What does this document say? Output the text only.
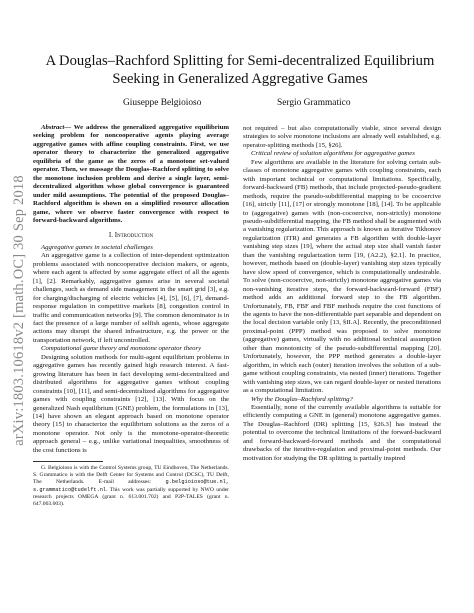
arXiv:1803.10618v2 [math.OC] 30 Sep 2018
A Douglas–Rachford Splitting for Semi-decentralized Equilibrium Seeking in Generalized Aggregative Games
Giuseppe Belgioioso	Sergio Grammatico

Abstract— We address the generalized aggregative equilibrium seeking problem for noncooperative agents playing average aggregative games with affine coupling constraints. First, we use operator theory to characterize the generalized aggregative equilibria of the game as the zeros of a monotone set-valued operator. Then, we massage the Douglas–Rachford splitting to solve the monotone inclusion problem and derive a single layer, semi-decentralized algorithm whose global convergence is guaranteed under mild assumptions. The potential of the proposed Douglas–Rachford algorithm is shown on a simplified resource allocation game, where we observe faster convergence with respect to forward-backward algorithms.

I. Introduction

Aggregative games in societal challenges

An aggregative game is a collection of inter-dependent optimization problems associated with noncooperative decision makers, or agents, where each agent is affected by some aggregate effect of all the agents [1], [2]. Remarkably, aggregative games arise in several societal challenges, such as demand side management in the smart grid [3], e.g. for charging/discharging of electric vehicles [4], [5], [6], [7], demand-response regulation in competitive markets [8], congestion control in traffic and communication networks [9]. The common denominator is in fact the presence of a large number of selfish agents, whose aggregate actions may disrupt the shared infrastructure, e.g. the power or the transportation network, if left uncontrolled.

Computational game theory and monotone operator theory

Designing solution methods for multi-agent equilibrium problems in aggregative games has recently gained high research interest. A fast-growing literature has been in fact developing semi-decentralized and distributed algorithms for aggregative games without coupling constraints [10], [11], and semi-decentralized algorithms for aggregative games with coupling constraints [12], [13]. With focus on the generalized Nash equilibrium (GNE) problem, the formulations in [13], [14] have shown an elegant approach based on monotone operator theory [15] to characterize the equilibrium solutions as the zeros of a monotone operator. Not only is the monotone-operator-theoretic approach general – e.g., unlike variational inequalities, smoothness of the cost functions is

G. Belgioioso is with the Control Systems group, TU Eindhoven, The Netherlands. S. Grammatico is with the Delft Center for Systems and Control (DCSC), TU Delft, The Netherlands. E-mail addresses:	g.belgioioso@tue.nl, s.grammatico@tudelft.nl. This work was partially supported by NWO under research projects OMEGA (grant n. 613.001.702) and P2P-TALES (grant n. 647.003.003).

not required – but also computationally viable, since several design strategies to solve monotone inclusions are already well established, e.g. operator-splitting methods [15, §26].

Critical review of solution algorithms for aggregative games

Few algorithms are available in the literature for solving certain sub-classes of monotone aggregative games with coupling constraints, each with important technical or computational limitations. Specifically, forward-backward (FB) methods, that include projected-pseudo-gradient methods, require the pseudo-subdifferential mapping to be cocoercive [16], strictly [11], [17] or strongly monotone [18], [14]. To be applicable to (aggregative) games with (non-cocoercive, non-strictly) monotone pseudo-subdifferential mapping, the FB method shall be augmented with a vanishing regularization. This approach is known as iterative Tikhonov regularization (ITR) and generates a FB algorithm with double-layer vanishing step sizes [19], where the actual step size shall vanish faster than the vanishing regularization term [19, (A2.2), §2.1]. In practice, however, methods based on (double-layer) vanishing step sizes typically have slow speed of convergence, which is computationally undesirable. To solve (non-cocoercive, non-strictly) monotone aggregative games via non-vanishing iterative steps, the forward-backward-forward (FBF) method adds an additional forward step to the FB algorithm. Unfortunately, FB, FBF and FBF methods require the cost functions of the agents to have the non-differentiable part separable and dependent on the local decision variable only [13, §II.A]. Recently, the preconditioned proximal-point (PPP) method was proposed to solve monotone (aggregative) games, virtually with no additional technical assumption other than monotonicity of the pseudo-subdifferential mapping [20]. Unfortunately, however, the PPP method generates a double-layer algorithm, in which each (outer) iteration involves the solution of a sub-game without coupling constraints, via nested (inner) iterations. Together with vanishing step sizes, we can regard double-layer or nested iterations as a computational limitation.

Why the Douglas–Rachford splitting?

Essentially, none of the currently available algorithms is suitable for efficiently computing a GNE in (general) monotone aggregative games. The Douglas–Rachford (DR) splitting [15, §26.3] has instead the potential to overcome the technical limitations of the forward-backward and forward-backward-forward methods and the computational drawbacks of the iterative-regulation and proximal-point methods. Our motivation for studying the DR splitting is partially inspired
